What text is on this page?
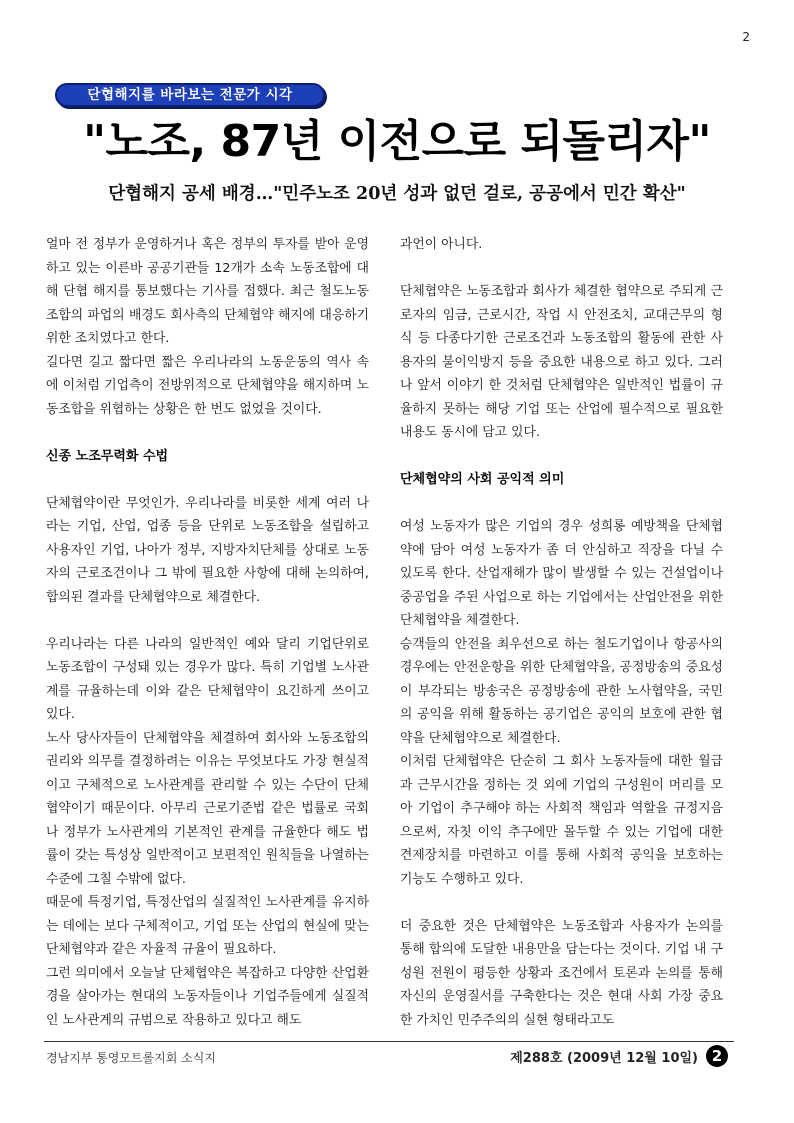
2
단협해지를 바라보는 전문가 시각
"노조, 87년 이전으로 되돌리자"
단협해지 공세 배경…"민주노조 20년 성과 없던 걸로, 공공에서 민간 확산"

얼마 전 정부가 운영하거나 혹은 정부의 투자를 받아 운영하고 있는 이른바 공공기관들 12개가 소속 노동조합에 대해 단협 해지를 통보했다는 기사를 접했다. 최근 철도노동조합의 파업의 배경도 회사측의 단체협약 해지에 대응하기 위한 조치였다고 한다.

길다면 길고 짧다면 짧은 우리나라의 노동운동의 역사 속에 이처럼 기업측이 전방위적으로 단체협약을 해지하며 노동조합을 위협하는 상황은 한 번도 없었을 것이다.

신종 노조무력화 수법

단체협약이란 무엇인가. 우리나라를 비롯한 세계 여러 나라는 기업, 산업, 업종 등을 단위로 노동조합을 설립하고 사용자인 기업, 나아가 정부, 지방자치단체를 상대로 노동자의 근로조건이나 그 밖에 필요한 사항에 대해 논의하여, 합의된 결과를 단체협약으로 체결한다.

우리나라는 다른 나라의 일반적인 예와 달리 기업단위로 노동조합이 구성돼 있는 경우가 많다. 특히 기업별 노사관계를 규율하는데 이와 같은 단체협약이 요긴하게 쓰이고 있다.

노사 당사자들이 단체협약을 체결하여 회사와 노동조합의 권리와 의무를 결정하려는 이유는 무엇보다도 가장 현실적이고 구체적으로 노사관계를 관리할 수 있는 수단이 단체협약이기 때문이다. 아무리 근로기준법 같은 법률로 국회나 정부가 노사관계의 기본적인 관계를 규율한다 해도 법률이 갖는 특성상 일반적이고 보편적인 원칙들을 나열하는 수준에 그칠 수밖에 없다.

때문에 특정기업, 특정산업의 실질적인 노사관계를 유지하는 데에는 보다 구체적이고, 기업 또는 산업의 현실에 맞는 단체협약과 같은 자율적 규율이 필요하다.

그런 의미에서 오늘날 단체협약은 복잡하고 다양한 산업환경을 살아가는 현대의 노동자들이나 기업주들에게 실질적인 노사관계의 규범으로 작용하고 있다고 해도

과언이 아니다.

단체협약은 노동조합과 회사가 체결한 협약으로 주되게 근로자의 임금, 근로시간, 작업 시 안전조치, 교대근무의 형식 등 다종다기한 근로조건과 노동조합의 활동에 관한 사용자의 불이익방지 등을 중요한 내용으로 하고 있다. 그러나 앞서 이야기 한 것처럼 단체협약은 일반적인 법률이 규율하지 못하는 해당 기업 또는 산업에 필수적으로 필요한 내용도 동시에 담고 있다.

단체협약의 사회 공익적 의미

여성 노동자가 많은 기업의 경우 성희롱 예방책을 단체협약에 담아 여성 노동자가 좀 더 안심하고 직장을 다닐 수 있도록 한다. 산업재해가 많이 발생할 수 있는 건설업이나 중공업을 주된 사업으로 하는 기업에서는 산업안전을 위한 단체협약을 체결한다.

승객들의 안전을 최우선으로 하는 철도기업이나 항공사의 경우에는 안전운항을 위한 단체협약을, 공정방송의 중요성이 부각되는 방송국은 공정방송에 관한 노사협약을, 국민의 공익을 위해 활동하는 공기업은 공익의 보호에 관한 협약을 단체협약으로 체결한다.

이처럼 단체협약은 단순히 그 회사 노동자들에 대한 월급과 근무시간을 정하는 것 외에 기업의 구성원이 머리를 모아 기업이 추구해야 하는 사회적 책임과 역할을 규정지음으로써, 자칫 이익 추구에만 몰두할 수 있는 기업에 대한 견제장치를 마련하고 이를 통해 사회적 공익을 보호하는 기능도 수행하고 있다.

더 중요한 것은 단체협약은 노동조합과 사용자가 논의를 통해 합의에 도달한 내용만을 담는다는 것이다. 기업 내 구성원 전원이 평등한 상황과 조건에서 토론과 논의를 통해 자신의 운영질서를 구축한다는 것은 현대 사회 가장 중요한 가치인 민주주의의 실현 형태라고도

경남지부 통영모트롤지회 소식지	제288호 (2009년 12월 10일) 2
